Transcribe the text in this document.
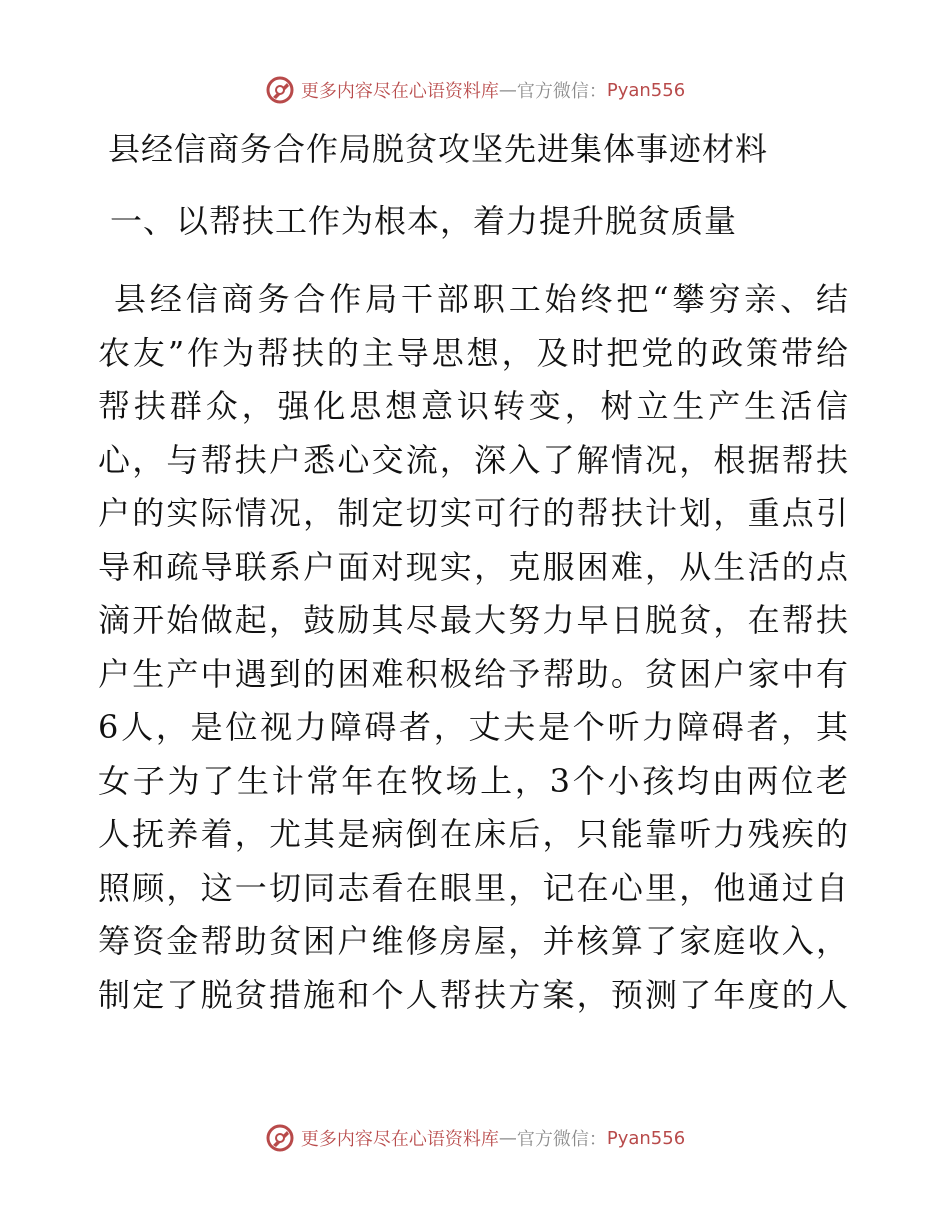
更多内容尽在心语资料库 — 官方微信： Pyan556
县经信商务合作局脱贫攻坚先进集体事迹材料
一、以帮扶工作为根本，着力提升脱贫质量
县经信商务合作局干部职工始终把“攀穷亲、结
农友”作为帮扶的主导思想，及时把党的政策带给
帮扶群众，强化思想意识转变，树立生产生活信
心，与帮扶户悉心交流，深入了解情况，根据帮扶
户的实际情况，制定切实可行的帮扶计划，重点引
导和疏导联系户面对现实，克服困难，从生活的点
滴开始做起，鼓励其尽最大努力早日脱贫，在帮扶
户生产中遇到的困难积极给予帮助。贫困户家中有
6人，是位视力障碍者，丈夫是个听力障碍者，其
女子为了生计常年在牧场上，3个小孩均由两位老
人抚养着，尤其是病倒在床后，只能靠听力残疾的
照顾，这一切同志看在眼里，记在心里，他通过自
筹资金帮助贫困户维修房屋，并核算了家庭收入，
制定了脱贫措施和个人帮扶方案，预测了年度的人
更多内容尽在心语资料库 — 官方微信： Pyan556
